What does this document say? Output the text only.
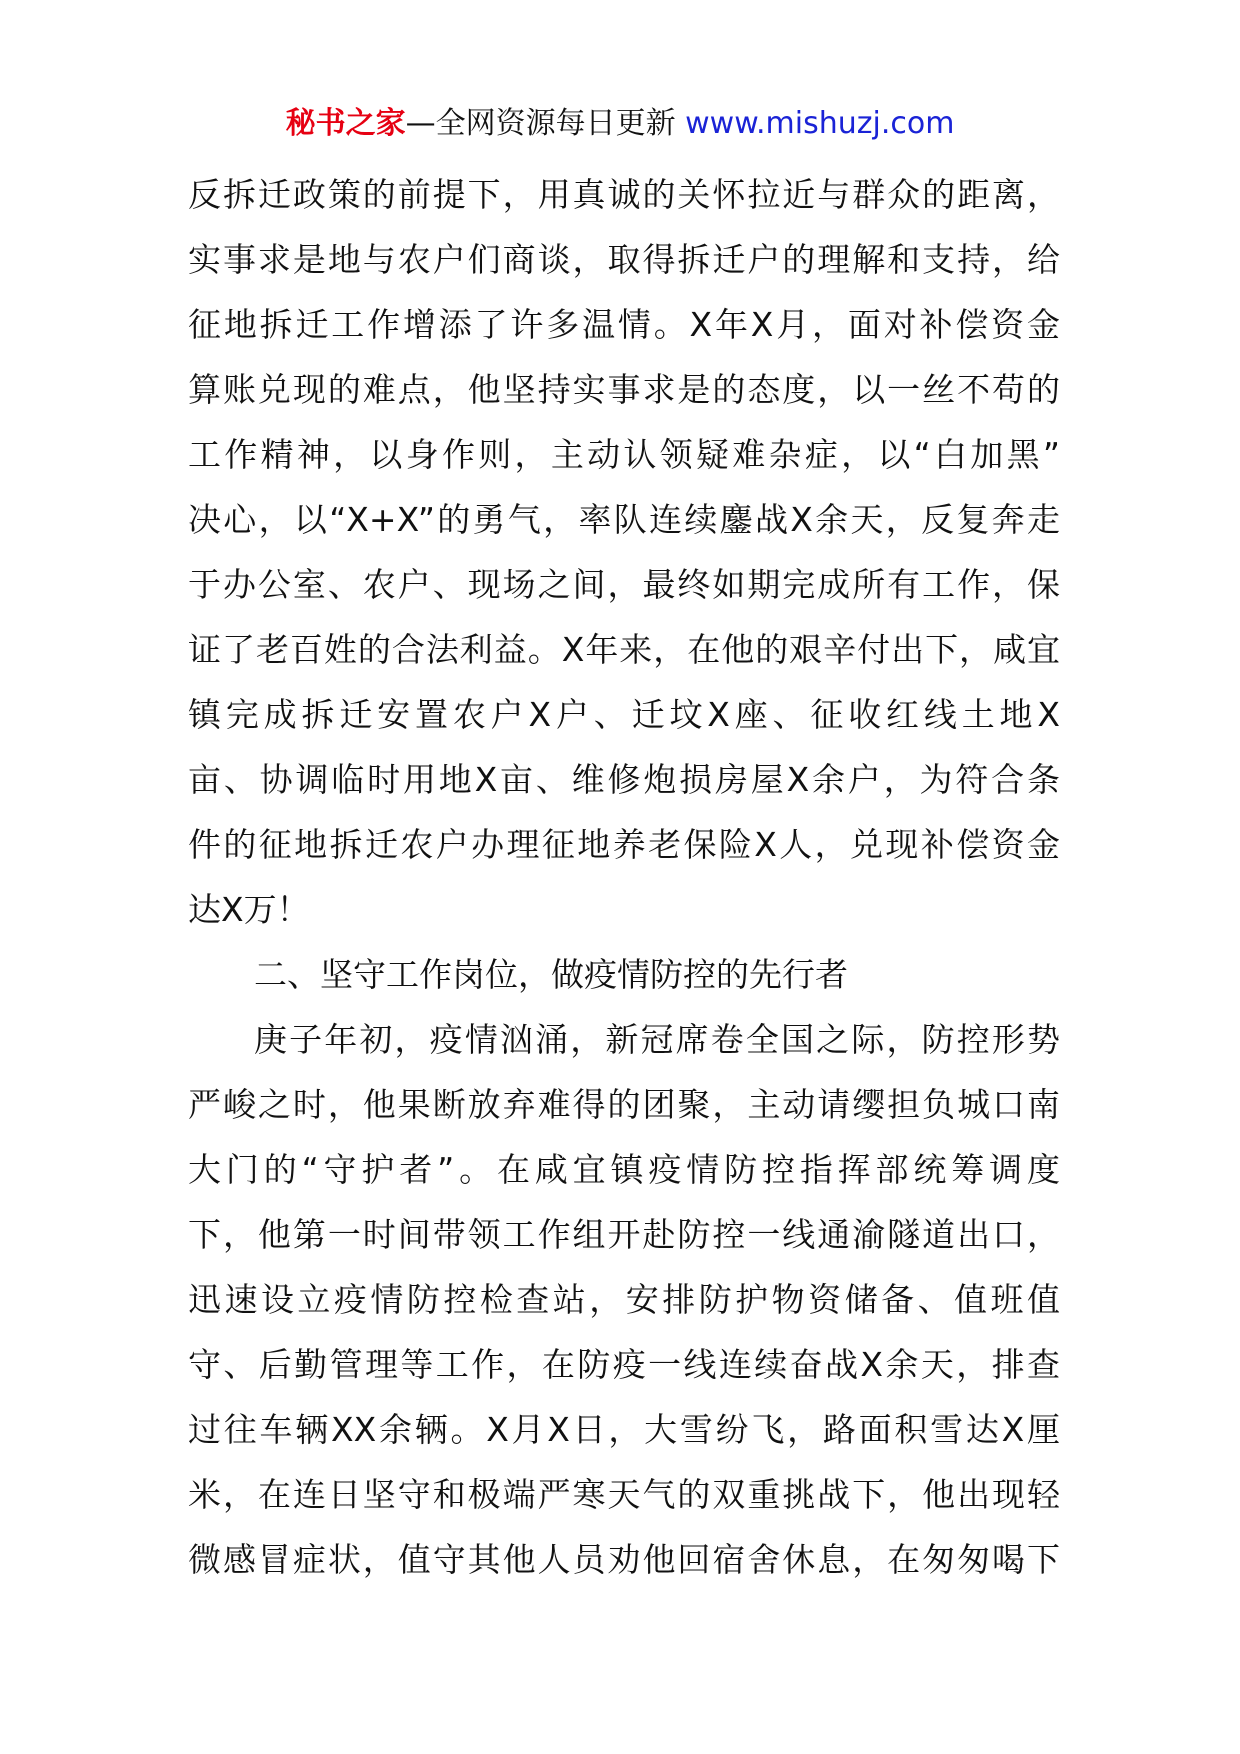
秘书之家—全网资源每日更新 www.mishuzj.com
反拆迁政策的前提下，用真诚的关怀拉近与群众的距离，
实事求是地与农户们商谈，取得拆迁户的理解和支持，给
征地拆迁工作增添了许多温情。X年X月，面对补偿资金
算账兑现的难点，他坚持实事求是的态度，以一丝不苟的
工作精神，以身作则，主动认领疑难杂症，以“白加黑”
决心，以“X+X”的勇气，率队连续鏖战X余天，反复奔走
于办公室、农户、现场之间，最终如期完成所有工作，保
证了老百姓的合法利益。X年来，在他的艰辛付出下，咸宜
镇完成拆迁安置农户X户、迁坟X座、征收红线土地X
亩、协调临时用地X亩、维修炮损房屋X余户，为符合条
件的征地拆迁农户办理征地养老保险X人，兑现补偿资金
达X万！
二、坚守工作岗位，做疫情防控的先行者
庚子年初，疫情汹涌，新冠席卷全国之际，防控形势
严峻之时，他果断放弃难得的团聚，主动请缨担负城口南
大门的“守护者”。在咸宜镇疫情防控指挥部统筹调度
下，他第一时间带领工作组开赴防控一线通渝隧道出口，
迅速设立疫情防控检查站，安排防护物资储备、值班值
守、后勤管理等工作，在防疫一线连续奋战X余天，排查
过往车辆XX余辆。X月X日，大雪纷飞，路面积雪达X厘
米，在连日坚守和极端严寒天气的双重挑战下，他出现轻
微感冒症状，值守其他人员劝他回宿舍休息，在匆匆喝下
